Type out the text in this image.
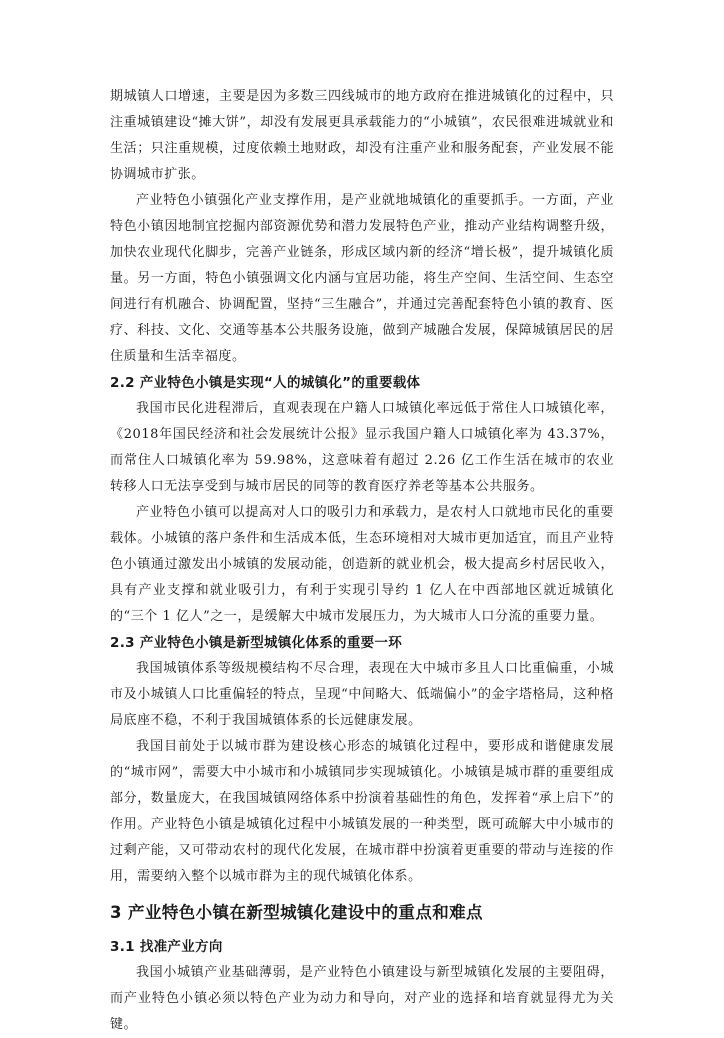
期城镇人口增速，主要是因为多数三四线城市的地方政府在推进城镇化的过程中，只注重城镇建设“摊大饼”，却没有发展更具承载能力的“小城镇”，农民很难进城就业和生活；只注重规模，过度依赖土地财政，却没有注重产业和服务配套，产业发展不能协调城市扩张。

产业特色小镇强化产业支撑作用，是产业就地城镇化的重要抓手。一方面，产业特色小镇因地制宜挖掘内部资源优势和潜力发展特色产业，推动产业结构调整升级，加快农业现代化脚步，完善产业链条，形成区域内新的经济“增长极”，提升城镇化质量。另一方面，特色小镇强调文化内涵与宜居功能，将生产空间、生活空间、生态空间进行有机融合、协调配置，坚持“三生融合”，并通过完善配套特色小镇的教育、医疗、科技、文化、交通等基本公共服务设施，做到产城融合发展，保障城镇居民的居住质量和生活幸福度。

2.2 产业特色小镇是实现“人的城镇化”的重要载体

我国市民化进程滞后，直观表现在户籍人口城镇化率远低于常住人口城镇化率，《2018年国民经济和社会发展统计公报》显示我国户籍人口城镇化率为 43.37%，而常住人口城镇化率为 59.98%，这意味着有超过 2.26 亿工作生活在城市的农业转移人口无法享受到与城市居民的同等的教育医疗养老等基本公共服务。

产业特色小镇可以提高对人口的吸引力和承载力，是农村人口就地市民化的重要载体。小城镇的落户条件和生活成本低，生态环境相对大城市更加适宜，而且产业特色小镇通过激发出小城镇的发展动能，创造新的就业机会，极大提高乡村居民收入，具有产业支撑和就业吸引力，有利于实现引导约 1 亿人在中西部地区就近城镇化的“三个 1 亿人”之一，是缓解大中城市发展压力，为大城市人口分流的重要力量。

2.3 产业特色小镇是新型城镇化体系的重要一环

我国城镇体系等级规模结构不尽合理，表现在大中城市多且人口比重偏重，小城市及小城镇人口比重偏轻的特点，呈现“中间略大、低端偏小”的金字塔格局，这种格局底座不稳，不利于我国城镇体系的长远健康发展。

我国目前处于以城市群为建设核心形态的城镇化过程中，要形成和谐健康发展的“城市网”，需要大中小城市和小城镇同步实现城镇化。小城镇是城市群的重要组成部分，数量庞大，在我国城镇网络体系中扮演着基础性的角色，发挥着“承上启下”的作用。产业特色小镇是城镇化过程中小城镇发展的一种类型，既可疏解大中小城市的过剩产能，又可带动农村的现代化发展，在城市群中扮演着更重要的带动与连接的作用，需要纳入整个以城市群为主的现代城镇化体系。

3 产业特色小镇在新型城镇化建设中的重点和难点
3.1 找准产业方向

我国小城镇产业基础薄弱，是产业特色小镇建设与新型城镇化发展的主要阻碍，而产业特色小镇必须以特色产业为动力和导向，对产业的选择和培育就显得尤为关键。
